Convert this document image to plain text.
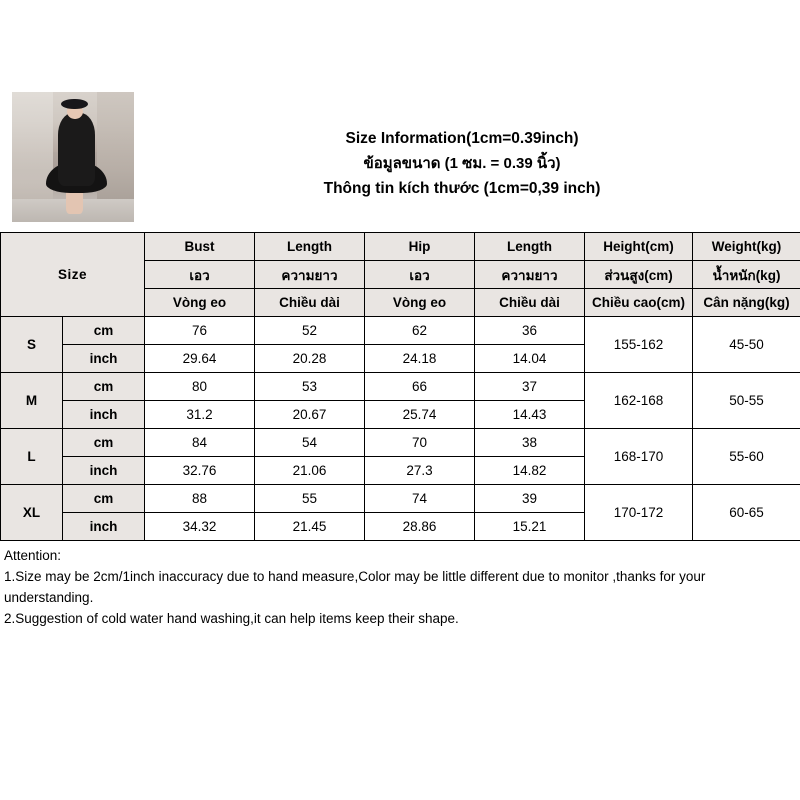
Size Information(1cm=0.39inch)
ข้อมูลขนาด (1 ซม. = 0.39 นิ้ว)
Thông tin kích thước (1cm=0,39 inch)
Size		Bust	Length	Hip	Length	Height(cm)	Weight(kg)
		เอว	ความยาว	เอว	ความยาว	ส่วนสูง(cm)	น้ำหนัก(kg)
		Vòng eo	Chiều dài	Vòng eo	Chiều dài	Chiều cao(cm)	Cân nặng(kg)
S	cm	76	52	62	36	155-162	45-50
	inch	29.64	20.28	24.18	14.04		
M	cm	80	53	66	37	162-168	50-55
	inch	31.2	20.67	25.74	14.43		
L	cm	84	54	70	38	168-170	55-60
	inch	32.76	21.06	27.3	14.82		
XL	cm	88	55	74	39	170-172	60-65
	inch	34.32	21.45	28.86	15.21		
Attention:
1.Size may be 2cm/1inch inaccuracy due to hand measure,Color may be little different due to monitor ,thanks for your
understanding.
2.Suggestion of cold water hand washing,it can help items keep their shape.
